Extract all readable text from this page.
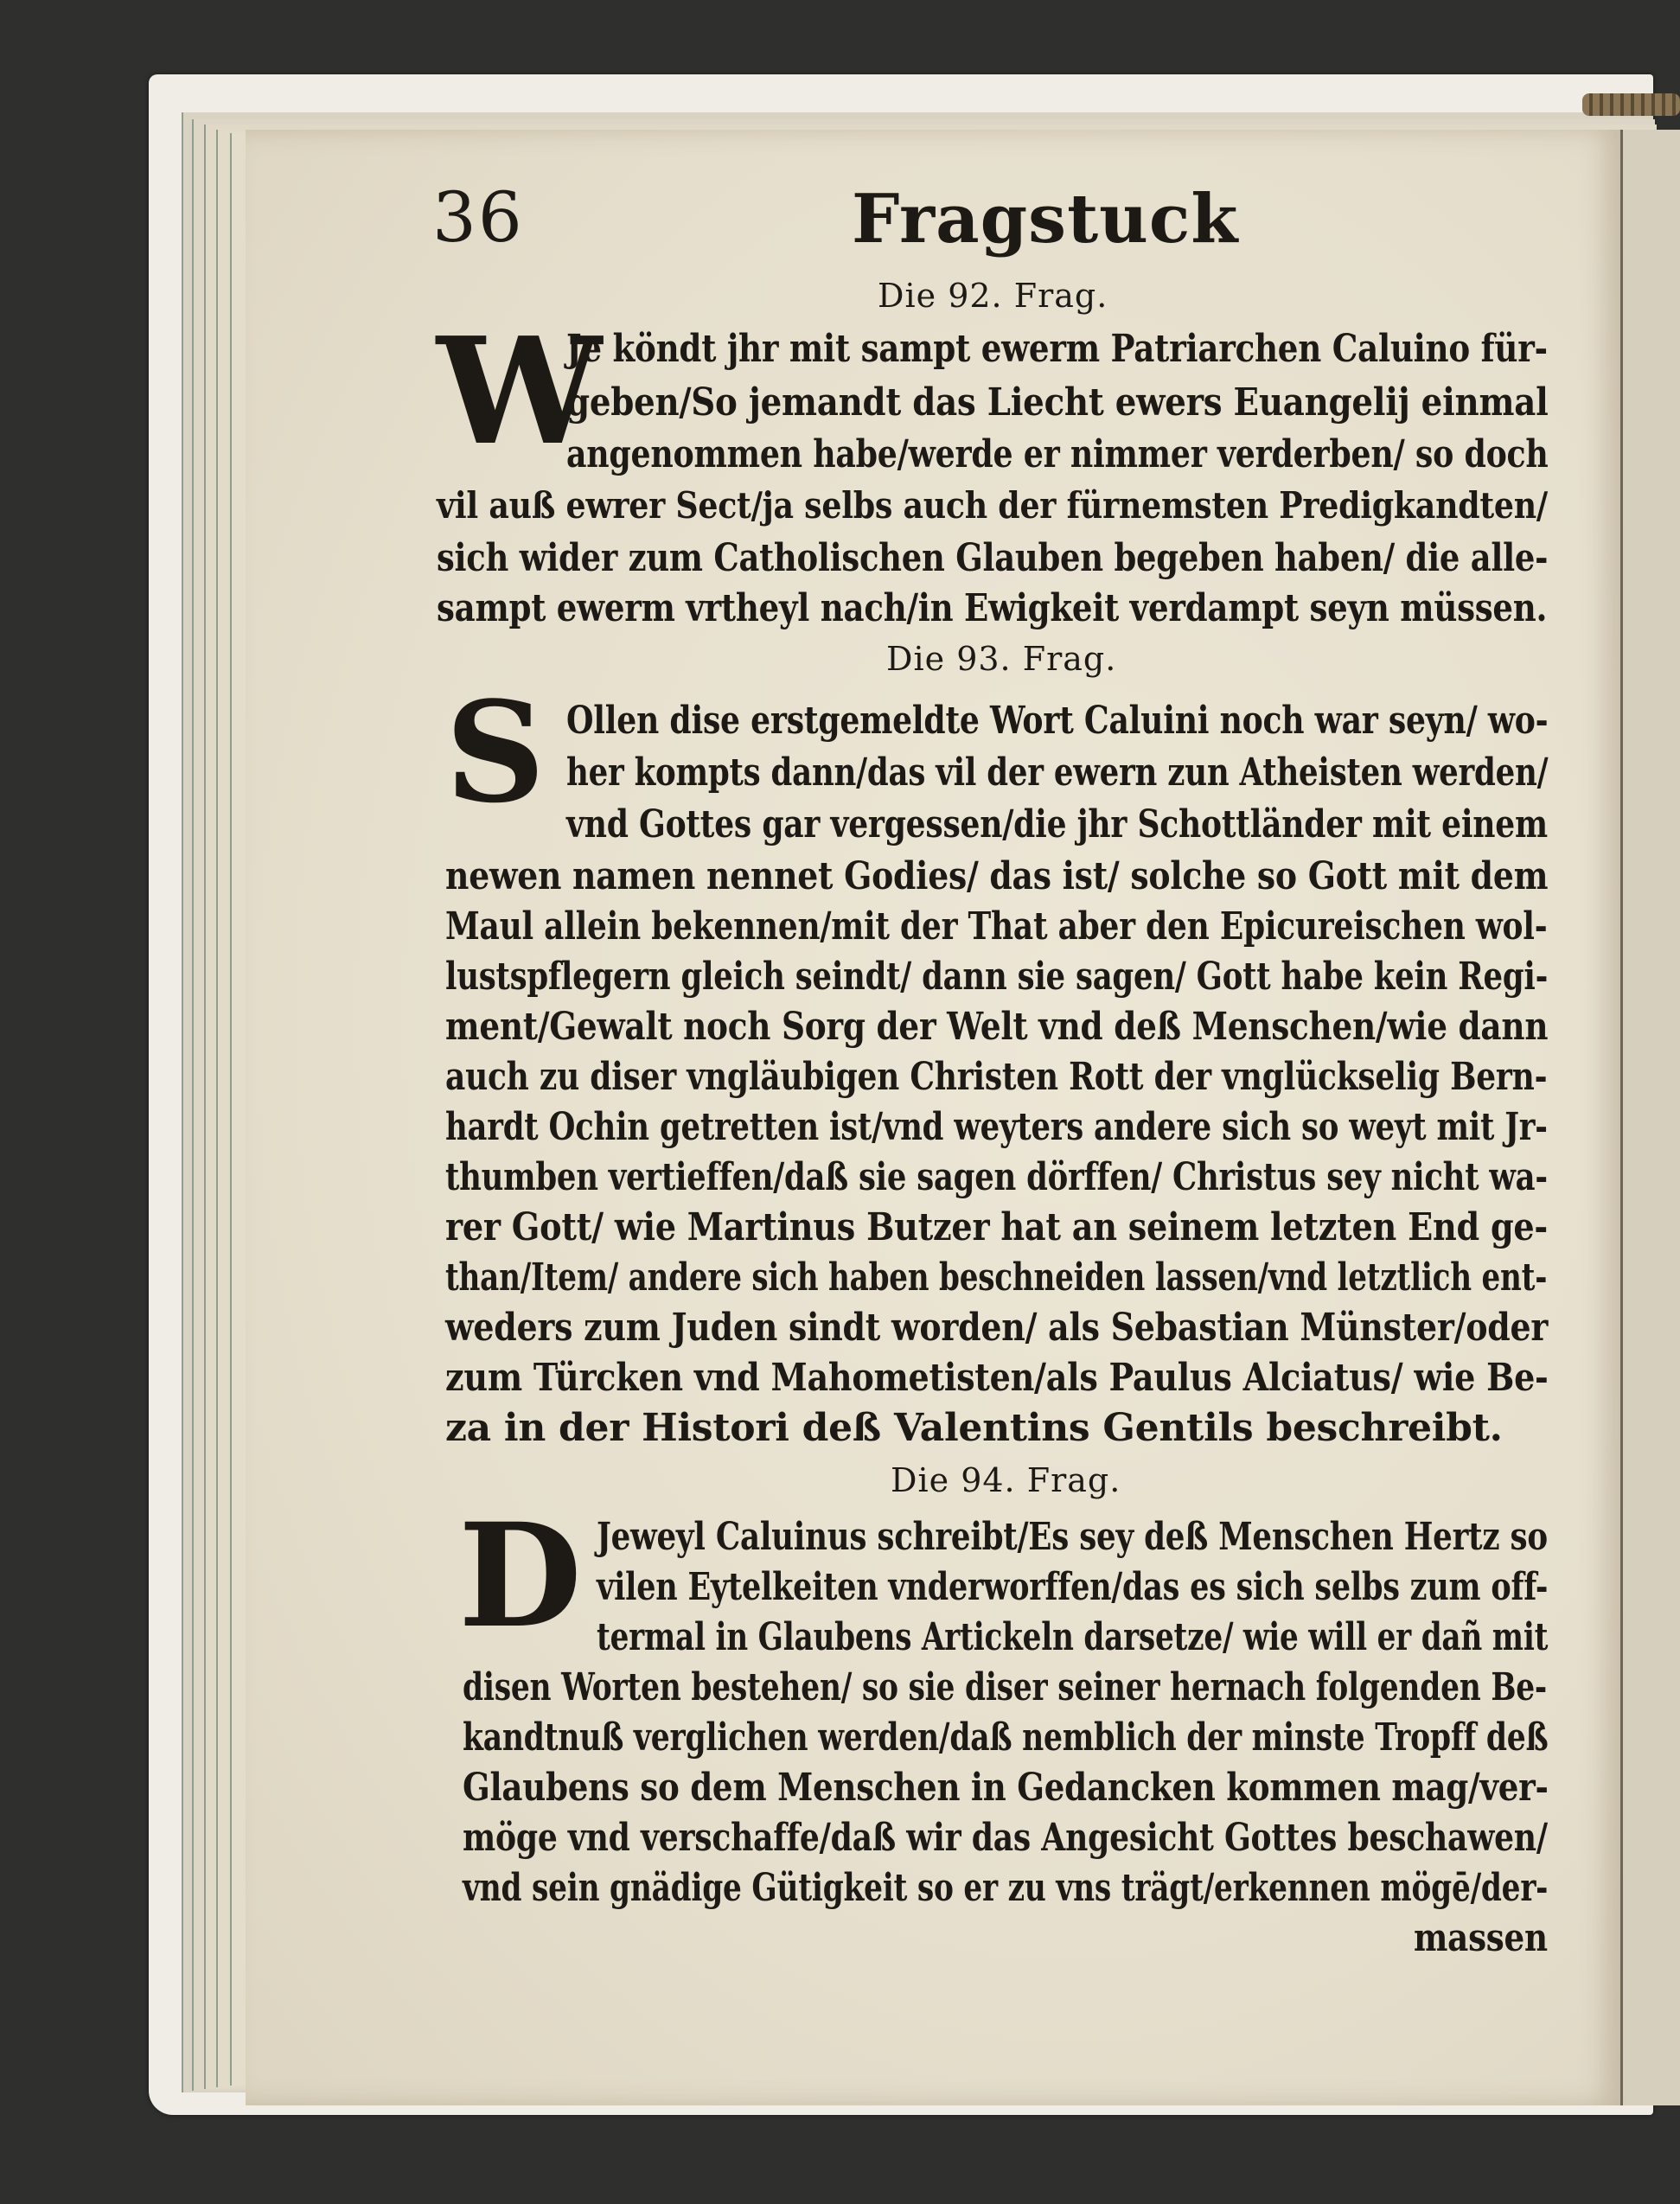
36	Fragstuck
Die 92. Frag.
W
Je köndt jhr mit sampt ewerm Patriarchen Caluino für-
geben/So jemandt das Liecht ewers Euangelij einmal
angenommen habe/werde er nimmer verderben/ so doch
vil auß ewrer Sect/ja selbs auch der fürnemsten Predigkandten/
sich wider zum Catholischen Glauben begeben haben/ die alle-
sampt ewerm vrtheyl nach/in Ewigkeit verdampt seyn müssen.
Die 93. Frag.
S Ollen dise erstgemeldte Wort Caluini noch war seyn/ wo-
her kompts dann/das vil der ewern zun Atheisten werden/
vnd Gottes gar vergessen/die jhr Schottländer mit einem
newen namen nennet Godies/ das ist/ solche so Gott mit dem
Maul allein bekennen/mit der That aber den Epicureischen wol-
lustspflegern gleich seindt/ dann sie sagen/ Gott habe kein Regi-
ment/Gewalt noch Sorg der Welt vnd deß Menschen/wie dann
auch zu diser vngläubigen Christen Rott der vnglückselig Bern-
hardt Ochin getretten ist/vnd weyters andere sich so weyt mit Jr-
thumben vertieffen/daß sie sagen dörffen/ Christus sey nicht wa-
rer Gott/ wie Martinus Butzer hat an seinem letzten End ge-
than/Item/ andere sich haben beschneiden lassen/vnd letztlich ent-
weders zum Juden sindt worden/ als Sebastian Münster/oder
zum Türcken vnd Mahometisten/als Paulus Alciatus/ wie Be-
za in der Histori deß Valentins Gentils beschreibt.
Die 94. Frag.
D Jeweyl Caluinus schreibt/Es sey deß Menschen Hertz so
vilen Eytelkeiten vnderworffen/das es sich selbs zum off-
termal in Glaubens Artickeln darsetze/ wie will er dañ mit
disen Worten bestehen/ so sie diser seiner hernach folgenden Be-
kandtnuß verglichen werden/daß nemblich der minste Tropff deß
Glaubens so dem Menschen in Gedancken kommen mag/ver-
möge vnd verschaffe/daß wir das Angesicht Gottes beschawen/
vnd sein gnädige Gütigkeit so er zu vns trägt/erkennen mögē/der-
massen
